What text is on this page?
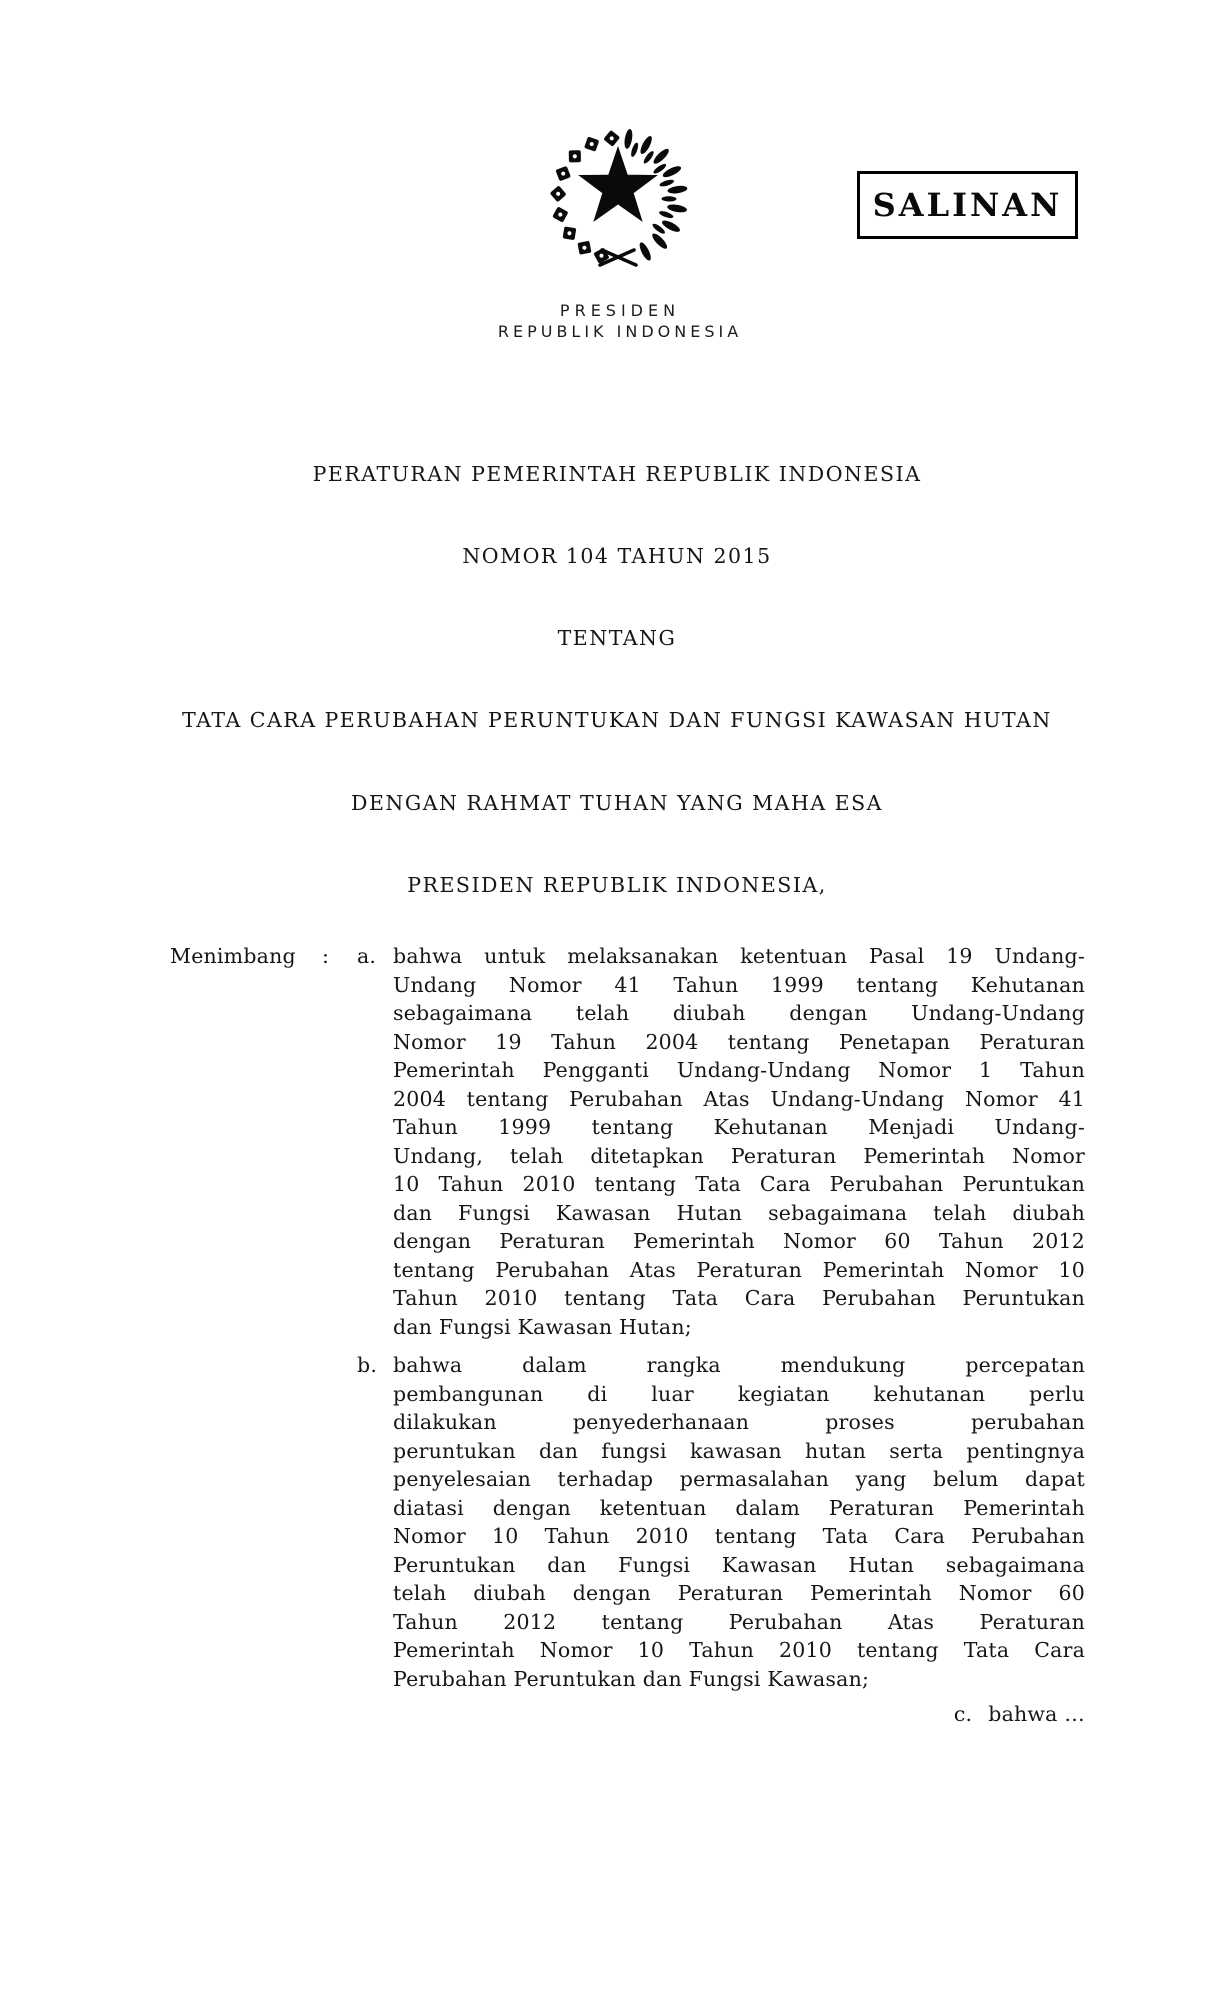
SALINAN
PRESIDEN
REPUBLIK INDONESIA
PERATURAN PEMERINTAH REPUBLIK INDONESIA
NOMOR 104 TAHUN 2015
TENTANG
TATA CARA PERUBAHAN PERUNTUKAN DAN FUNGSI KAWASAN HUTAN
DENGAN RAHMAT TUHAN YANG MAHA ESA
PRESIDEN REPUBLIK INDONESIA,
Menimbang	:	a. bahwa untuk melaksanakan ketentuan Pasal 19 Undang-
Undang Nomor 41 Tahun 1999 tentang Kehutanan
sebagaimana telah diubah dengan Undang-Undang
Nomor 19 Tahun 2004 tentang Penetapan Peraturan
Pemerintah Pengganti Undang-Undang Nomor 1 Tahun
2004 tentang Perubahan Atas Undang-Undang Nomor 41
Tahun 1999 tentang Kehutanan Menjadi Undang-
Undang, telah ditetapkan Peraturan Pemerintah Nomor
10 Tahun 2010 tentang Tata Cara Perubahan Peruntukan
dan Fungsi Kawasan Hutan sebagaimana telah diubah
dengan Peraturan Pemerintah Nomor 60 Tahun 2012
tentang Perubahan Atas Peraturan Pemerintah Nomor 10
Tahun 2010 tentang Tata Cara Perubahan Peruntukan
dan Fungsi Kawasan Hutan;
b. bahwa dalam rangka mendukung percepatan
pembangunan di luar kegiatan kehutanan perlu
dilakukan penyederhanaan proses perubahan
peruntukan dan fungsi kawasan hutan serta pentingnya
penyelesaian terhadap permasalahan yang belum dapat
diatasi dengan ketentuan dalam Peraturan Pemerintah
Nomor 10 Tahun 2010 tentang Tata Cara Perubahan
Peruntukan dan Fungsi Kawasan Hutan sebagaimana
telah diubah dengan Peraturan Pemerintah Nomor 60
Tahun 2012 tentang Perubahan Atas Peraturan
Pemerintah Nomor 10 Tahun 2010 tentang Tata Cara
Perubahan Peruntukan dan Fungsi Kawasan;
c. bahwa …
